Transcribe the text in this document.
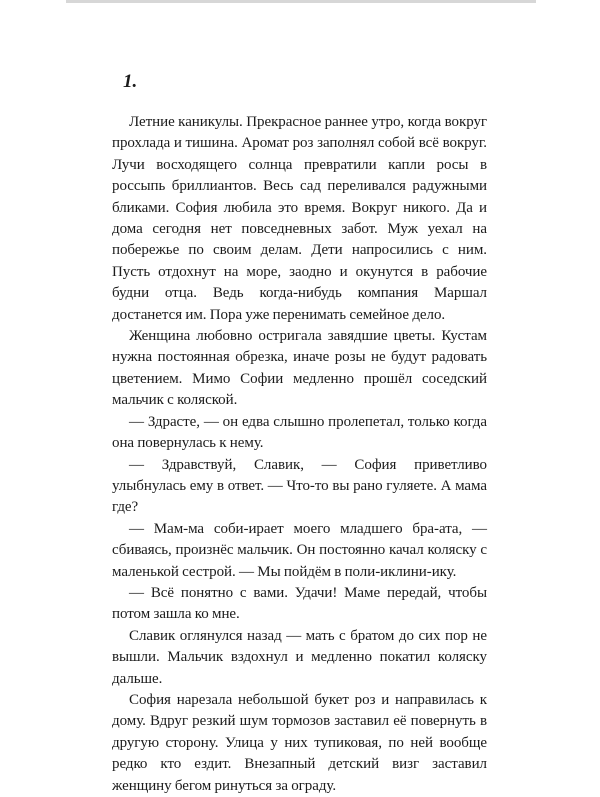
1.

Летние каникулы. Прекрасное раннее утро, когда вокруг прохлада и тишина. Аромат роз заполнял собой всё вокруг. Лучи восходящего солнца превратили капли росы в россыпь бриллиантов. Весь сад переливался радужными бликами. София любила это время. Вокруг никого. Да и дома сегодня нет повседневных забот. Муж уехал на побережье по своим делам. Дети напросились с ним. Пусть отдохнут на море, заодно и окунутся в рабочие будни отца. Ведь когда-нибудь компания Маршал достанется им. Пора уже перенимать семейное дело.

Женщина любовно остригала завядшие цветы. Кустам нужна постоянная обрезка, иначе розы не будут радовать цветением. Мимо Софии медленно прошёл соседский мальчик с коляской.

— Здрасте, — он едва слышно пролепетал, только когда она повернулась к нему.

— Здравствуй, Славик, — София приветливо улыбнулась ему в ответ. — Что-то вы рано гуляете. А мама где?

— Мам-ма соби-ирает моего младшего бра-ата, — сбиваясь, произнёс мальчик. Он постоянно качал коляску с маленькой сестрой. — Мы пойдём в поли-иклини-ику.

— Всё понятно с вами. Удачи! Маме передай, чтобы потом зашла ко мне.

Славик оглянулся назад — мать с братом до сих пор не вышли. Мальчик вздохнул и медленно покатил коляску дальше.

София нарезала небольшой букет роз и направилась к дому. Вдруг резкий шум тормозов заставил её повернуть в другую сторону. Улица у них тупиковая, по ней вообще редко кто ездит. Внезапный детский визг заставил женщину бегом ринуться за ограду.
